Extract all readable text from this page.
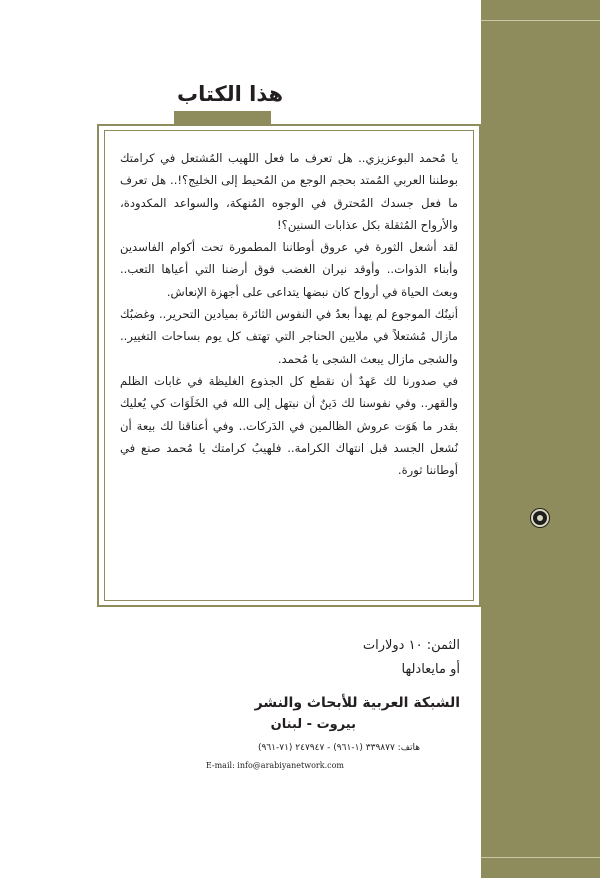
هذا الكتاب

يا مُحمد البوعزيزي.. هل تعرف ما فعل اللهيب المُشتعل في كرامتك بوطننا العربي المُمتد بحجم الوجع من المُحيط إلى الخليج؟!.. هل تعرف ما فعل جسدك المُحترق في الوجوه المُنهكة، والسواعد المكدودة، والأرواح المُثقلة بكل عذابات السنين؟!

لقد أشعل الثورة في عروق أوطاننا المطمورة تحت أكوام الفاسدين وأبناء الذوات.. وأوقد نيران الغضب فوق أرضنا التي أعياها التعب.. وبعث الحياة في أرواح كان نبضها يتداعى على أجهزة الإنعاش.

أنينُك الموجوع لم يهدأ بعدُ في النفوس الثائرة بميادين التحرير.. وغضبُك مازال مُشتعلاً في ملايين الحناجر التي تهتف كل يوم بساحات التغيير.. والشجى مازال يبعث الشجى يا مُحمد.

في صدورنا لك عَهدٌ أن نقطع كل الجذوع الغليظة في غابات الظلم والقهر.. وفي نفوسنا لك دَينٌ أن نبتهل إلى الله في الخَلَوَات كي يُعليك بقدر ما هَوَت عروش الظالمين في الدَركات.. وفي أعناقنا لك بيعة أن نُشعل الجسد قبل انتهاك الكرامة.. فلهيبُ كرامتك يا مُحمد صنع في أوطاننا ثورة.

الثمن: ١٠ دولارات
أو مايعادلها
الشبكة العربية للأبحاث والنشر
بيروت - لبنان
هاتف: ٣٣٩٨٧٧ (١-٩٦١) - ٢٤٧٩٤٧ (٧١-٩٦١)
E-mail: info@arabiyanetwork.com
